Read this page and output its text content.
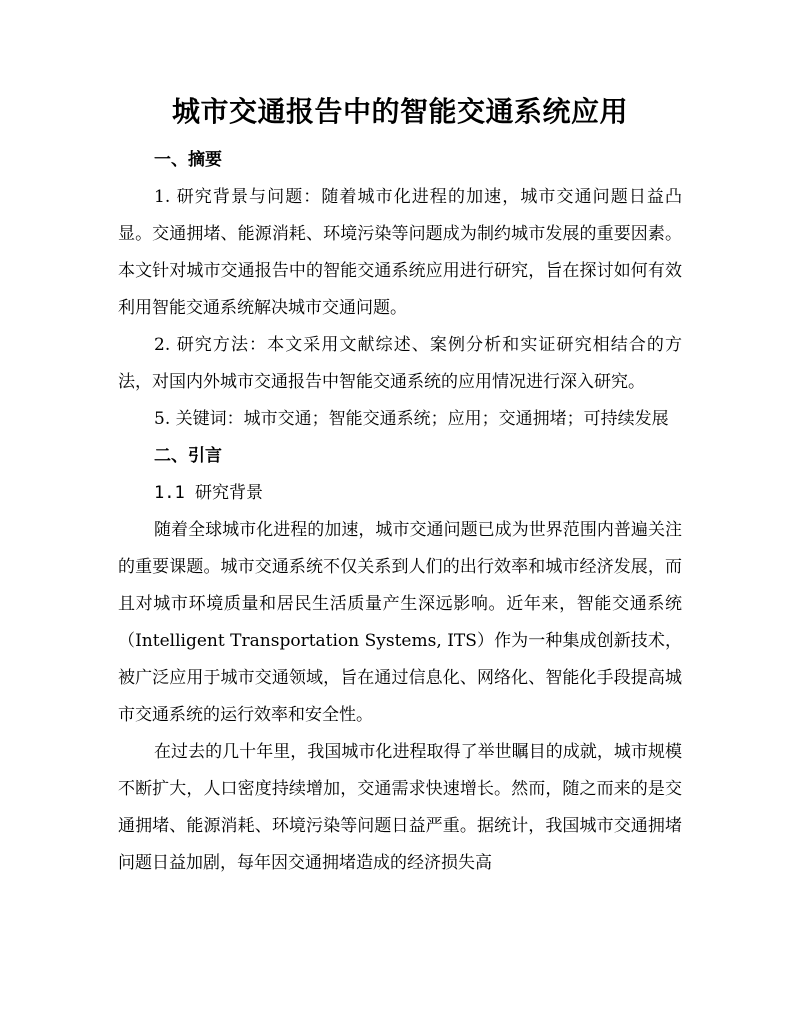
城市交通报告中的智能交通系统应用

一、摘要

1. 研究背景与问题：随着城市化进程的加速，城市交通问题日益凸显。交通拥堵、能源消耗、环境污染等问题成为制约城市发展的重要因素。本文针对城市交通报告中的智能交通系统应用进行研究，旨在探讨如何有效利用智能交通系统解决城市交通问题。

2. 研究方法：本文采用文献综述、案例分析和实证研究相结合的方法，对国内外城市交通报告中智能交通系统的应用情况进行深入研究。

5. 关键词：城市交通；智能交通系统；应用；交通拥堵；可持续发展

二、引言

1.1 研究背景

随着全球城市化进程的加速，城市交通问题已成为世界范围内普遍关注的重要课题。城市交通系统不仅关系到人们的出行效率和城市经济发展，而且对城市环境质量和居民生活质量产生深远影响。近年来，智能交通系统（Intelligent Transportation Systems, ITS）作为一种集成创新技术，被广泛应用于城市交通领域，旨在通过信息化、网络化、智能化手段提高城市交通系统的运行效率和安全性。

在过去的几十年里，我国城市化进程取得了举世瞩目的成就，城市规模不断扩大，人口密度持续增加，交通需求快速增长。然而，随之而来的是交通拥堵、能源消耗、环境污染等问题日益严重。据统计，我国城市交通拥堵问题日益加剧，每年因交通拥堵造成的经济损失高
